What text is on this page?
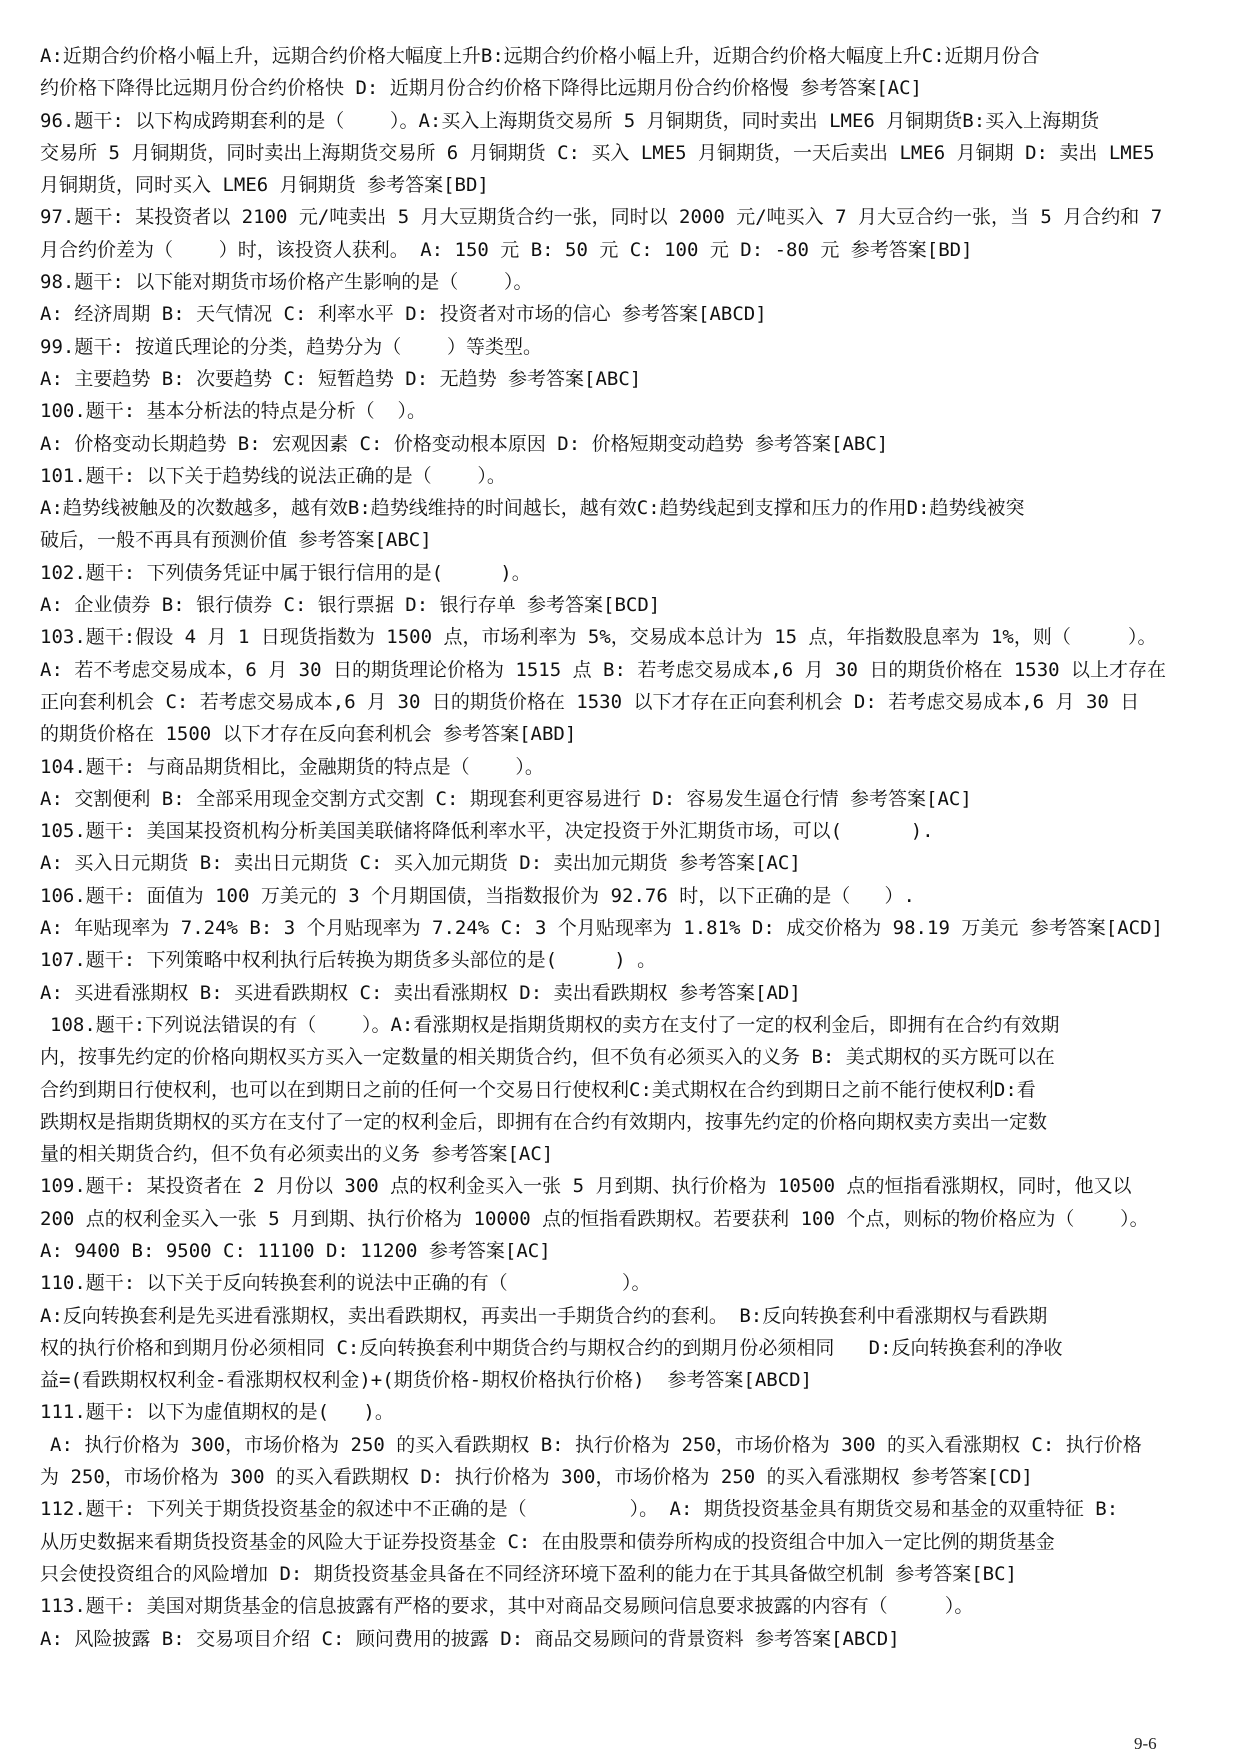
A:近期合约价格小幅上升，远期合约价格大幅度上升B:远期合约价格小幅上升，近期合约价格大幅度上升C:近期月份合
约价格下降得比远期月份合约价格快 D: 近期月份合约价格下降得比远期月份合约价格慢 参考答案[AC]
96.题干: 以下构成跨期套利的是（    ）。A:买入上海期货交易所 5 月铜期货，同时卖出 LME6 月铜期货B:买入上海期货
交易所 5 月铜期货，同时卖出上海期货交易所 6 月铜期货 C: 买入 LME5 月铜期货，一天后卖出 LME6 月铜期 D: 卖出 LME5
月铜期货，同时买入 LME6 月铜期货 参考答案[BD]
97.题干: 某投资者以 2100 元/吨卖出 5 月大豆期货合约一张，同时以 2000 元/吨买入 7 月大豆合约一张，当 5 月合约和 7
月合约价差为（    ）时，该投资人获利。 A: 150 元 B: 50 元 C: 100 元 D: -80 元 参考答案[BD]
98.题干: 以下能对期货市场价格产生影响的是（    ）。
A: 经济周期 B: 天气情况 C: 利率水平 D: 投资者对市场的信心 参考答案[ABCD]
99.题干: 按道氏理论的分类，趋势分为（    ）等类型。
A: 主要趋势 B: 次要趋势 C: 短暂趋势 D: 无趋势 参考答案[ABC]
100.题干: 基本分析法的特点是分析（  ）。
A: 价格变动长期趋势 B: 宏观因素 C: 价格变动根本原因 D: 价格短期变动趋势 参考答案[ABC]
101.题干: 以下关于趋势线的说法正确的是（    ）。
A:趋势线被触及的次数越多，越有效B:趋势线维持的时间越长，越有效C:趋势线起到支撑和压力的作用D:趋势线被突
破后，一般不再具有预测价值 参考答案[ABC]
102.题干: 下列债务凭证中属于银行信用的是(     )。
A: 企业债券 B: 银行债券 C: 银行票据 D: 银行存单 参考答案[BCD]
103.题干:假设 4 月 1 日现货指数为 1500 点，市场利率为 5%，交易成本总计为 15 点，年指数股息率为 1%，则（     ）。
A: 若不考虑交易成本，6 月 30 日的期货理论价格为 1515 点 B: 若考虑交易成本,6 月 30 日的期货价格在 1530 以上才存在
正向套利机会 C: 若考虑交易成本,6 月 30 日的期货价格在 1530 以下才存在正向套利机会 D: 若考虑交易成本,6 月 30 日
的期货价格在 1500 以下才存在反向套利机会 参考答案[ABD]
104.题干: 与商品期货相比，金融期货的特点是（    ）。
A: 交割便利 B: 全部采用现金交割方式交割 C: 期现套利更容易进行 D: 容易发生逼仓行情 参考答案[AC]
105.题干: 美国某投资机构分析美国美联储将降低利率水平，决定投资于外汇期货市场，可以(      ).
A: 买入日元期货 B: 卖出日元期货 C: 买入加元期货 D: 卖出加元期货 参考答案[AC]
106.题干: 面值为 100 万美元的 3 个月期国债，当指数报价为 92.76 时，以下正确的是（   ）.
A: 年贴现率为 7.24% B: 3 个月贴现率为 7.24% C: 3 个月贴现率为 1.81% D: 成交价格为 98.19 万美元 参考答案[ACD]
107.题干: 下列策略中权利执行后转换为期货多头部位的是(     ) 。
A: 买进看涨期权 B: 买进看跌期权 C: 卖出看涨期权 D: 卖出看跌期权 参考答案[AD]
108.题干:下列说法错误的有（    ）。A:看涨期权是指期货期权的卖方在支付了一定的权利金后，即拥有在合约有效期
内，按事先约定的价格向期权买方买入一定数量的相关期货合约，但不负有必须买入的义务 B: 美式期权的买方既可以在
合约到期日行使权利，也可以在到期日之前的任何一个交易日行使权利C:美式期权在合约到期日之前不能行使权利D:看
跌期权是指期货期权的买方在支付了一定的权利金后，即拥有在合约有效期内，按事先约定的价格向期权卖方卖出一定数
量的相关期货合约，但不负有必须卖出的义务 参考答案[AC]
109.题干: 某投资者在 2 月份以 300 点的权利金买入一张 5 月到期、执行价格为 10500 点的恒指看涨期权，同时，他又以
200 点的权利金买入一张 5 月到期、执行价格为 10000 点的恒指看跌期权。若要获利 100 个点，则标的物价格应为（    ）。
A: 9400 B: 9500 C: 11100 D: 11200 参考答案[AC]
110.题干: 以下关于反向转换套利的说法中正确的有（          ）。
A:反向转换套利是先买进看涨期权，卖出看跌期权，再卖出一手期货合约的套利。 B:反向转换套利中看涨期权与看跌期
权的执行价格和到期月份必须相同 C:反向转换套利中期货合约与期权合约的到期月份必须相同   D:反向转换套利的净收
益=(看跌期权权利金-看涨期权权利金)+(期货价格-期权价格执行价格)  参考答案[ABCD]
111.题干: 以下为虚值期权的是(   )。
A: 执行价格为 300，市场价格为 250 的买入看跌期权 B: 执行价格为 250，市场价格为 300 的买入看涨期权 C: 执行价格
为 250，市场价格为 300 的买入看跌期权 D: 执行价格为 300，市场价格为 250 的买入看涨期权 参考答案[CD]
112.题干: 下列关于期货投资基金的叙述中不正确的是（         ）。 A: 期货投资基金具有期货交易和基金的双重特征 B:
从历史数据来看期货投资基金的风险大于证券投资基金 C: 在由股票和债券所构成的投资组合中加入一定比例的期货基金
只会使投资组合的风险增加 D: 期货投资基金具备在不同经济环境下盈利的能力在于其具备做空机制 参考答案[BC]
113.题干: 美国对期货基金的信息披露有严格的要求，其中对商品交易顾问信息要求披露的内容有（     ）。
A: 风险披露 B: 交易项目介绍 C: 顾问费用的披露 D: 商品交易顾问的背景资料 参考答案[ABCD]
9-6
